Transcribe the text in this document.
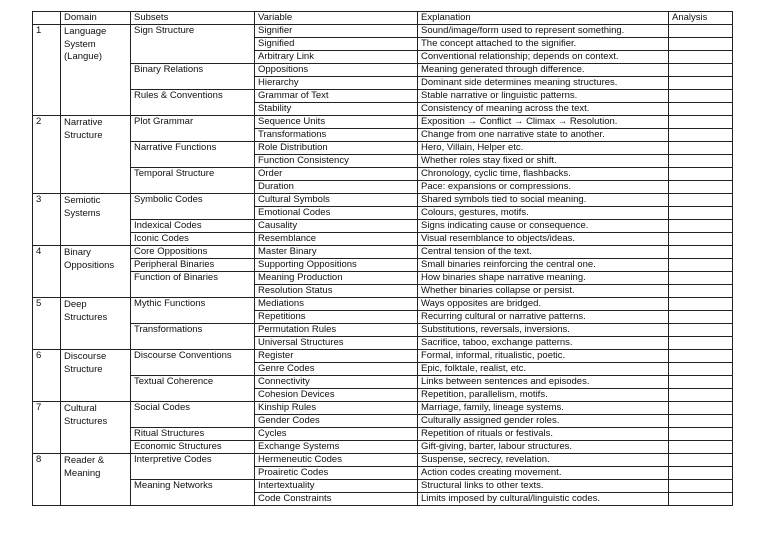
	Domain	Subsets	Variable	Explanation	Analysis
1	Language System (Langue)	Sign Structure	Signifier	Sound/image/form used to represent something.	
			Signified	The concept attached to the signifier.	
			Arbitrary Link	Conventional relationship; depends on context.	
		Binary Relations	Oppositions	Meaning generated through difference.	
			Hierarchy	Dominant side determines meaning structures.	
		Rules & Conventions	Grammar of Text	Stable narrative or linguistic patterns.	
			Stability	Consistency of meaning across the text.	
2	Narrative Structure	Plot Grammar	Sequence Units	Exposition → Conflict → Climax → Resolution.	
			Transformations	Change from one narrative state to another.	
		Narrative Functions	Role Distribution	Hero, Villain, Helper etc.	
			Function Consistency	Whether roles stay fixed or shift.	
		Temporal Structure	Order	Chronology, cyclic time, flashbacks.	
			Duration	Pace: expansions or compressions.	
3	Semiotic Systems	Symbolic Codes	Cultural Symbols	Shared symbols tied to social meaning.	
			Emotional Codes	Colours, gestures, motifs.	
		Indexical Codes	Causality	Signs indicating cause or consequence.	
		Iconic Codes	Resemblance	Visual resemblance to objects/ideas.	
4	Binary Oppositions	Core Oppositions	Master Binary	Central tension of the text.	
		Peripheral Binaries	Supporting Oppositions	Small binaries reinforcing the central one.	
		Function of Binaries	Meaning Production	How binaries shape narrative meaning.	
			Resolution Status	Whether binaries collapse or persist.	
5	Deep Structures	Mythic Functions	Mediations	Ways opposites are bridged.	
			Repetitions	Recurring cultural or narrative patterns.	
		Transformations	Permutation Rules	Substitutions, reversals, inversions.	
			Universal Structures	Sacrifice, taboo, exchange patterns.	
6	Discourse Structure	Discourse Conventions	Register	Formal, informal, ritualistic, poetic.	
			Genre Codes	Epic, folktale, realist, etc.	
		Textual Coherence	Connectivity	Links between sentences and episodes.	
			Cohesion Devices	Repetition, parallelism, motifs.	
7	Cultural Structures	Social Codes	Kinship Rules	Marriage, family, lineage systems.	
			Gender Codes	Culturally assigned gender roles.	
		Ritual Structures	Cycles	Repetition of rituals or festivals.	
		Economic Structures	Exchange Systems	Gift-giving, barter, labour structures.	
8	Reader & Meaning	Interpretive Codes	Hermeneutic Codes	Suspense, secrecy, revelation.	
			Proairetic Codes	Action codes creating movement.	
		Meaning Networks	Intertextuality	Structural links to other texts.	
			Code Constraints	Limits imposed by cultural/linguistic codes.	
